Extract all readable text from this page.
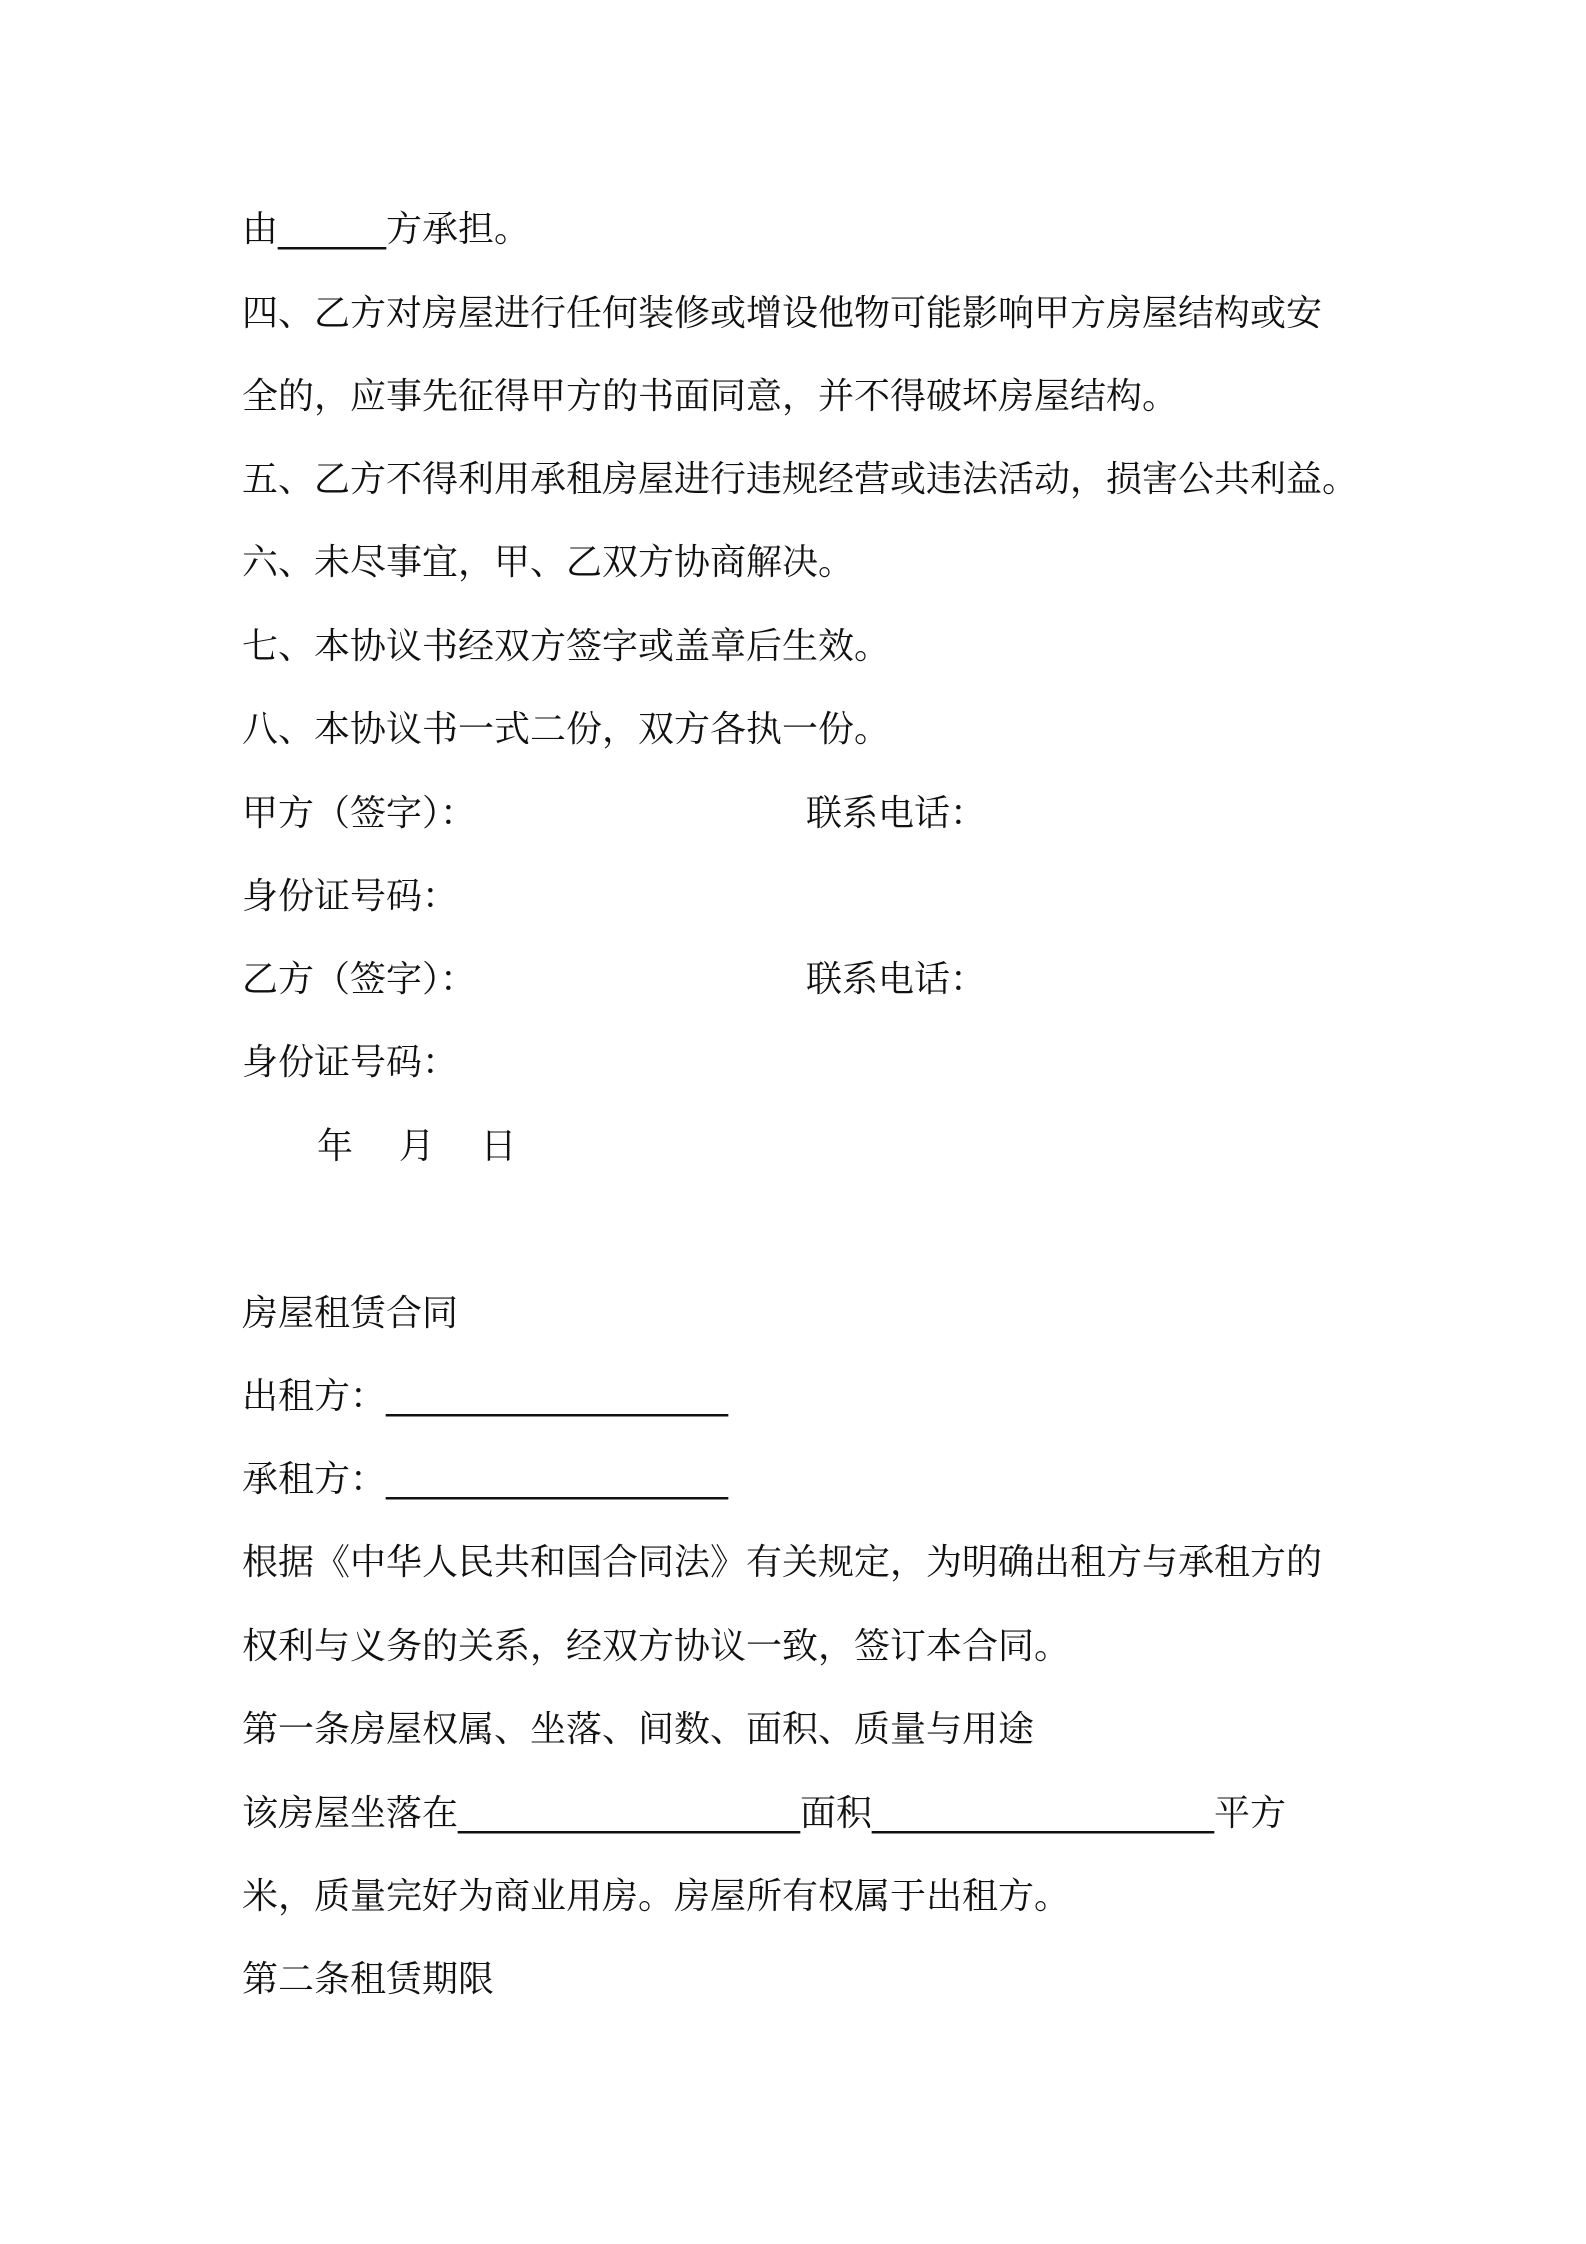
由______方承担。
四、乙方对房屋进行任何装修或增设他物可能影响甲方房屋结构或安
全的，应事先征得甲方的书面同意，并不得破坏房屋结构。
五、乙方不得利用承租房屋进行违规经营或违法活动，损害公共利益。
六、未尽事宜，甲、乙双方协商解决。
七、本协议书经双方签字或盖章后生效。
八、本协议书一式二份，双方各执一份。
甲方（签字）：	联系电话：
身份证号码：
乙方（签字）：	联系电话：
身份证号码：
年    月    日
房屋租赁合同
出租方：___________________
承租方：___________________
根据《中华人民共和国合同法》有关规定，为明确出租方与承租方的
权利与义务的关系，经双方协议一致，签订本合同。
第一条房屋权属、坐落、间数、面积、质量与用途
该房屋坐落在___________________面积___________________平方
米，质量完好为商业用房。房屋所有权属于出租方。
第二条租赁期限
